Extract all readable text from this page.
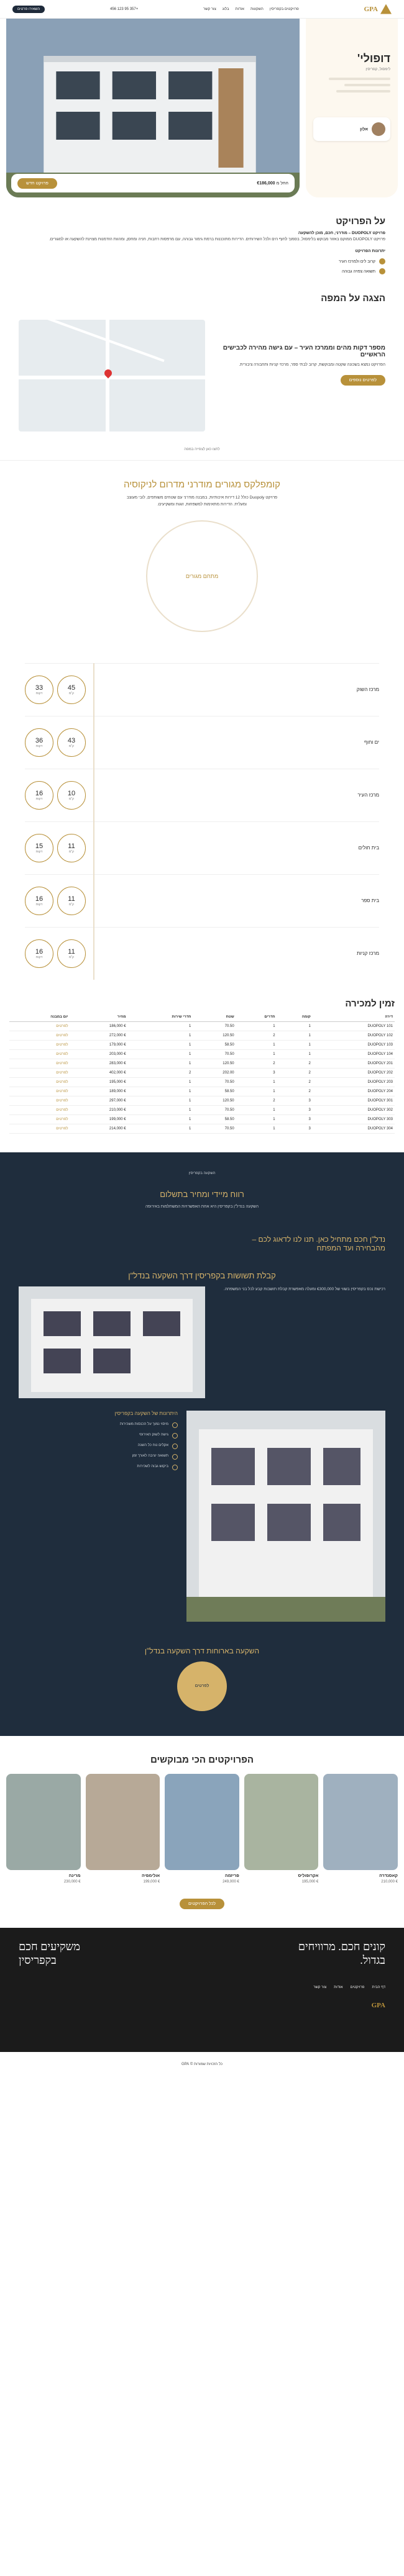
GPA
פרויקטים בקפריסין
השקעות
אודות
בלוג
צור קשר
+357 95 123 456
השאירו פרטים
דופולי'
לימסול, קפריסין
אלון
החל מ €186,000
פרויקט חדש
על הפרויקט

פרויקט DUOPOLY – מודרני, חכם, מוכן להשקעה

פרויקט DUOPOLY ממוקם באזור מבוקש בלימסול, בסמוך לחוף הים ולכל השירותים. הדירות מתוכננות ברמת גימור גבוהה, עם מרפסות רחבות, חניה ומחסן, ומהוות הזדמנות מצוינת להשקעה או למגורים.

יתרונות הפרויקט

קרוב לים ולמרכז העיר
תשואה צפויה גבוהה
הצגה על המפה
מספר דקות מהים וממרכז העיר – עם גישה מהירה לכבישים הראשיים

הפרויקט נמצא בשכונה שקטה ומבוקשת, קרוב לבתי ספר, מרכזי קניות ותחבורה ציבורית.

לפרטים נוספים
לחצו כאן לצפייה במפה
קומפלקס מגורים מודרני מדרום לניקוסיה

פרויקט Duopoly כולל 12 דירות איכותיות, במבנה מודרני עם שטחים משותפים, לובי מעוצב ומעלית. הדירות מתאימות למשפחות, זוגות ומשקיעים.

מתחם מגורים
מרכז השוק
45
ק"מ
33
דקות
ים וחוף
43
ק"מ
36
דקות
מרכז העיר
10
ק"מ
16
דקות
בית חולים
11
ק"מ
15
דקות
בית ספר
11
ק"מ
16
דקות
מרכז קניות
11
ק"מ
16
דקות
זמין למכירה
דירה	קומה	חדרים	שטח	חדרי שירות	מחיר	יום במבנה
DUOPOLY 101	1	1	70.50	1	€ 186,000	לפרטים
DUOPOLY 102	1	2	120.50	1	€ 272,000	לפרטים
DUOPOLY 103	1	1	58.50	1	€ 179,000	לפרטים
DUOPOLY 104	1	1	70.50	1	€ 203,000	לפרטים
DUOPOLY 201	2	2	120.50	1	€ 283,000	לפרטים
DUOPOLY 202	2	3	202.00	2	€ 402,000	לפרטים
DUOPOLY 203	2	1	70.50	1	€ 195,000	לפרטים
DUOPOLY 204	2	1	58.50	1	€ 189,000	לפרטים
DUOPOLY 301	3	2	120.50	1	€ 297,000	לפרטים
DUOPOLY 302	3	1	70.50	1	€ 210,000	לפרטים
DUOPOLY 303	3	1	58.50	1	€ 199,000	לפרטים
DUOPOLY 304	3	1	70.50	1	€ 214,000	לפרטים

השקעה בקפריסין

רווח מיידי ומחיר בתשלום

השקעה בנדל"ן בקפריסין היא אחת האפשרויות המשתלמות באירופה

נדל"ן חכם מתחיל כאן. תנו לנו לדאוג לכם – מהבחירה ועד המפתח
קבלת תשושות בקפריסין דרך השקעה בנדל"ן

רכישת נכס בקפריסין בשווי של €300,000 ומעלה מאפשרת קבלת תושבות קבע לכל בני המשפחה.

היתרונות של השקעה בקפריסין
מיסוי נמוך על הכנסות משכירות
גישה לשוק האירופי
אקלים נוח כל השנה
תשואה יציבה לאורך זמן
ביקוש גבוה לשכירות
השקעה בארוחות דרך השקעה בנדל"ן
לפרטים
הפרויקטים הכי מבוקשים
קאסנדרה
€ 210,000
אקרופוליס
€ 195,000
פריזמה
€ 249,000
אולימפיה
€ 199,000
מרינה
€ 230,000
לכל הפרויקטים
קונים חכם. מרוויחים בגדול.
משקיעים חכם בקפריסין
דף הבית
פרויקטים
אודות
צור קשר
GPA
כל הזכויות שמורות © GPA
